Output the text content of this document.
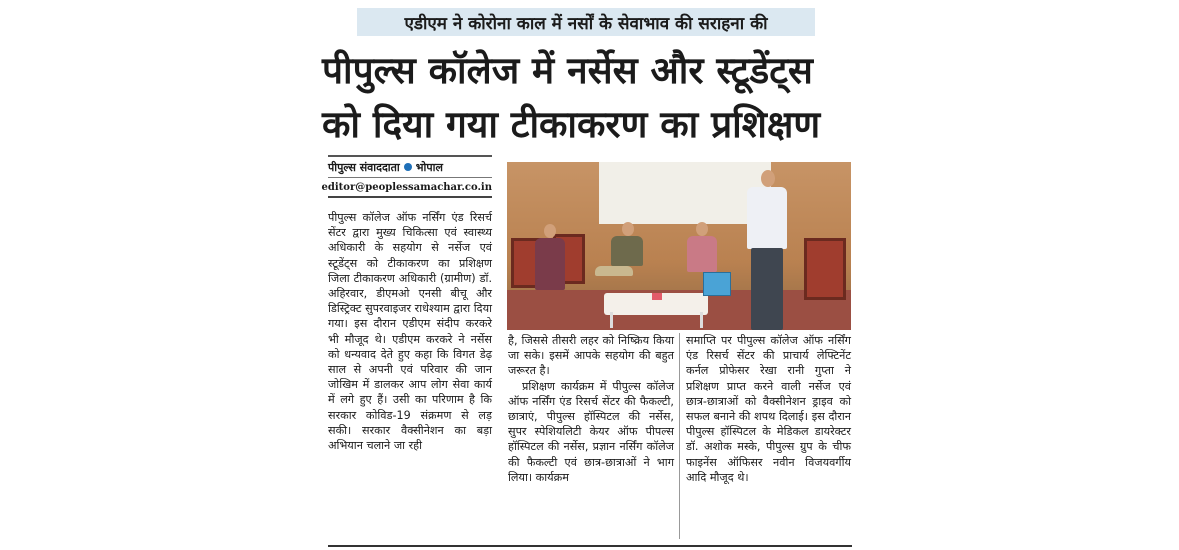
एडीएम ने कोरोना काल में नर्सों के सेवाभाव की सराहना की
पीपुल्स कॉलेज में नर्सेस और स्टूडेंट्स
को दिया गया टीकाकरण का प्रशिक्षण
पीपुल्स संवाददाता भोपाल
editor@peoplessamachar.co.in

पीपुल्स कॉलेज ऑफ नर्सिंग एंड रिसर्च सेंटर द्वारा मुख्य चिकित्सा एवं स्वास्थ्य अधिकारी के सहयोग से नर्सेज एवं स्टूडेंट्स को टीकाकरण का प्रशिक्षण जिला टीकाकरण अधिकारी (ग्रामीण) डॉ. अहिरवार, डीएमओ एनसी बीचू और डिस्ट्रिक्ट सुपरवाइजर राधेश्याम द्वारा दिया गया। इस दौरान एडीएम संदीप करकरे भी मौजूद थे। एडीएम करकरे ने नर्सेस को धन्यवाद देते हुए कहा कि विगत डेढ़ साल से अपनी एवं परिवार की जान जोखिम में डालकर आप लोग सेवा कार्य में लगे हुए हैं। उसी का परिणाम है कि सरकार कोविड-19 संक्रमण से लड़ सकी। सरकार वैक्सीनेशन का बड़ा अभियान चलाने जा रही

है, जिससे तीसरी लहर को निष्क्रिय किया जा सके। इसमें आपके सहयोग की बहुत जरूरत है।

प्रशिक्षण कार्यक्रम में पीपुल्स कॉलेज ऑफ नर्सिंग एंड रिसर्च सेंटर की फैकल्टी, छात्राएं, पीपुल्स हॉस्पिटल की नर्सेस, सुपर स्पेशियलिटी केयर ऑफ पीपल्स हॉस्पिटल की नर्सेस, प्रज्ञान नर्सिंग कॉलेज की फैकल्टी एवं छात्र-छात्राओं ने भाग लिया। कार्यक्रम

समाप्ति पर पीपुल्स कॉलेज ऑफ नर्सिंग एंड रिसर्च सेंटर की प्राचार्य लेफ्टिनेंट कर्नल प्रोफेसर रेखा रानी गुप्ता ने प्रशिक्षण प्राप्त करने वाली नर्सेज एवं छात्र-छात्राओं को वैक्सीनेशन ड्राइव को सफल बनाने की शपथ दिलाई। इस दौरान पीपुल्स हॉस्पिटल के मेडिकल डायरेक्टर डॉ. अशोक मस्के, पीपुल्स ग्रुप के चीफ फाइनेंस ऑफिसर नवीन विजयवर्गीय आदि मौजूद थे।
